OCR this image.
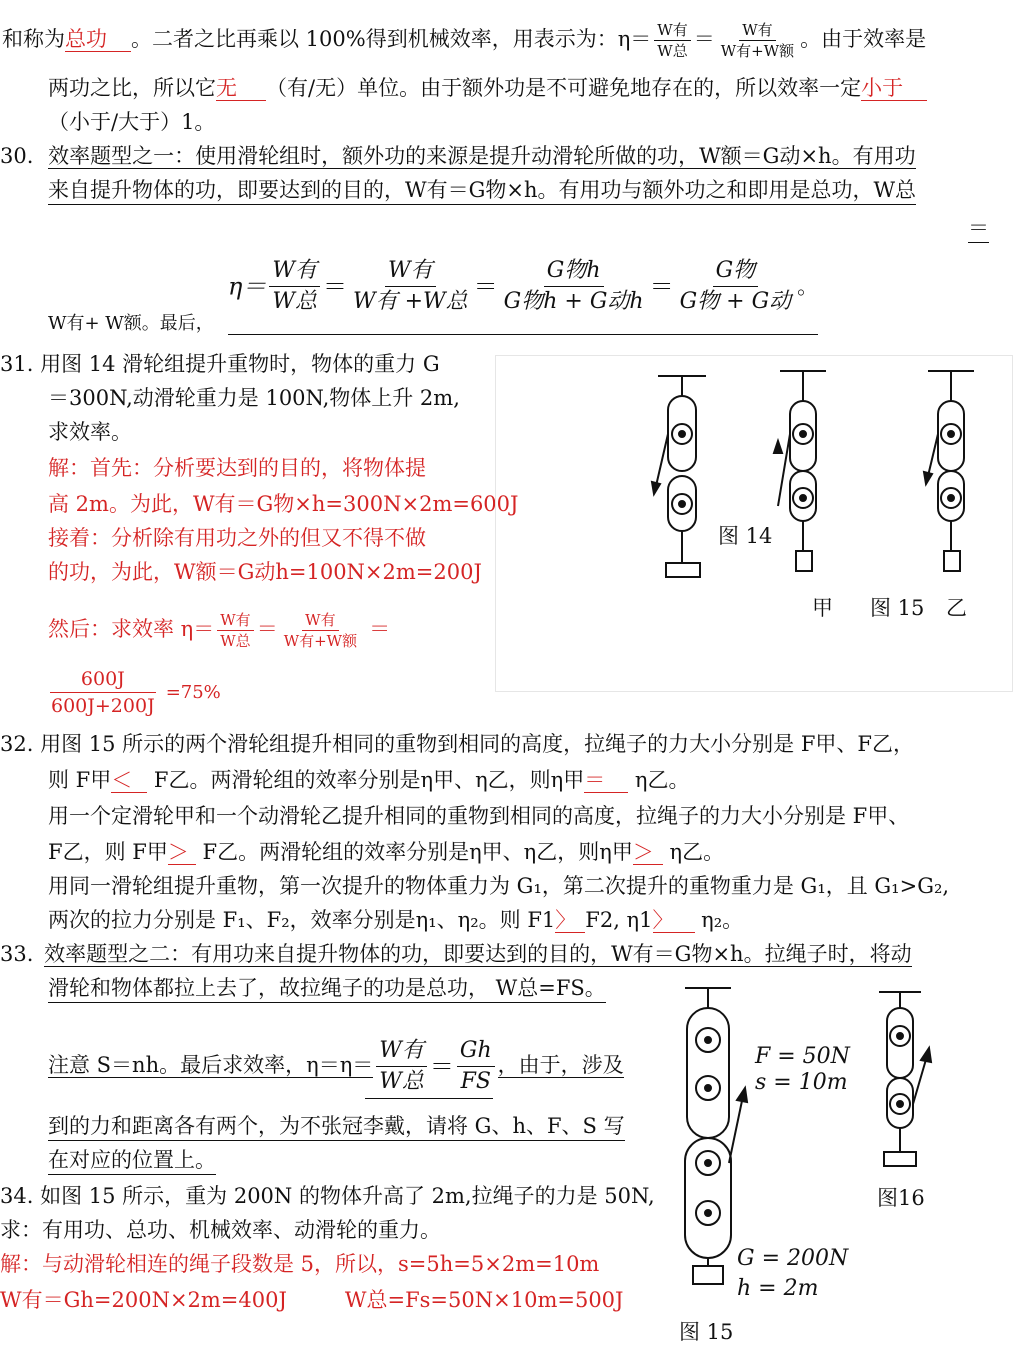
和称为总功 。二者之比再乘以 100%得到机械效率，用表示为：$\eta= \frac{\text{W有}}{\text{W总}} = \frac{\text{W有}}{\text{W有+W额}}$ 。由于效率是
两功之比，所以它无 （有/无）单位。由于额外功是不可避免地存在的，所以效率一定小于
（小于/大于）1。
30. 效率题型之一：使用滑轮组时，额外功的来源是提升动滑轮所做的功，W额＝G动×h。有用功
来自提升物体的功，即要达到的目的，W有＝G物×h。有用功与额外功之和即用是总功，W总
＝
W有+ W额。最后，
$\eta= \frac{\text{W有}}{\text{W总}} = \frac{\text{W有}}{\text{W有 +W总}} = \frac{\text{G物h}}{\text{G物h + G动h}} = \frac{\text{G物}}{\text{G物 + G动}}$ 。
31. 用图 14 滑轮组提升重物时，物体的重力 G
＝300N,动滑轮重力是 100N,物体上升 2m,
求效率。
解：首先：分析要达到的目的，将物体提
高 2m。为此，W有＝G物×h=300N×2m=600J
接着：分析除有用功之外的但又不得不做
的功，为此，W额＝G动h=100N×2m=200J
然后：求效率 $\eta= \frac{\text{W有}}{\text{W总}} = \frac{\text{W有}}{\text{W有+W额}}$ ＝
$\frac{600J}{600J+200J} =75\%$
图 14
甲 图 15 乙
32. 用图 15 所示的两个滑轮组提升相同的重物到相同的高度，拉绳子的力大小分别是 F甲、F乙，
则 F甲＜ F乙。两滑轮组的效率分别是η甲、η乙，则η甲＝ η乙。
用一个定滑轮甲和一个动滑轮乙提升相同的重物到相同的高度，拉绳子的力大小分别是 F甲、
F乙，则 F甲＞ F乙。两滑轮组的效率分别是η甲、η乙，则η甲＞ η乙。
用同一滑轮组提升重物，第一次提升的物体重力为 G₁，第二次提升的重物重力是 G₁，且 G₁>G₂,
两次的拉力分别是 F₁、F₂，效率分别是η₁、η₂。则 F1〉 F2, η1〉 η₂。
33. 效率题型之二：有用功来自提升物体的功，即要达到的目的，W有＝G物×h。拉绳子时，将动
滑轮和物体都拉上去了，故拉绳子的功是总功， W总=FS。
注意 S＝nh。最后求效率，$\eta=\eta= \frac{\text{W有}}{\text{W总}} = \frac{Gh}{FS}$ ，由于，涉及
到的力和距离各有两个，为不张冠李戴，请将 G、h、F、S 写
在对应的位置上。
34. 如图 15 所示，重为 200N 的物体升高了 2m,拉绳子的力是 50N,
求：有用功、总功、机械效率、动滑轮的重力。
解：与动滑轮相连的绳子段数是 5，所以，s=5h=5×2m=10m
W有＝Gh=200N×2m=400J	W总=Fs=50N×10m=500J
F = 50N
s = 10m
G = 200N
h = 2m
图 15
图16
